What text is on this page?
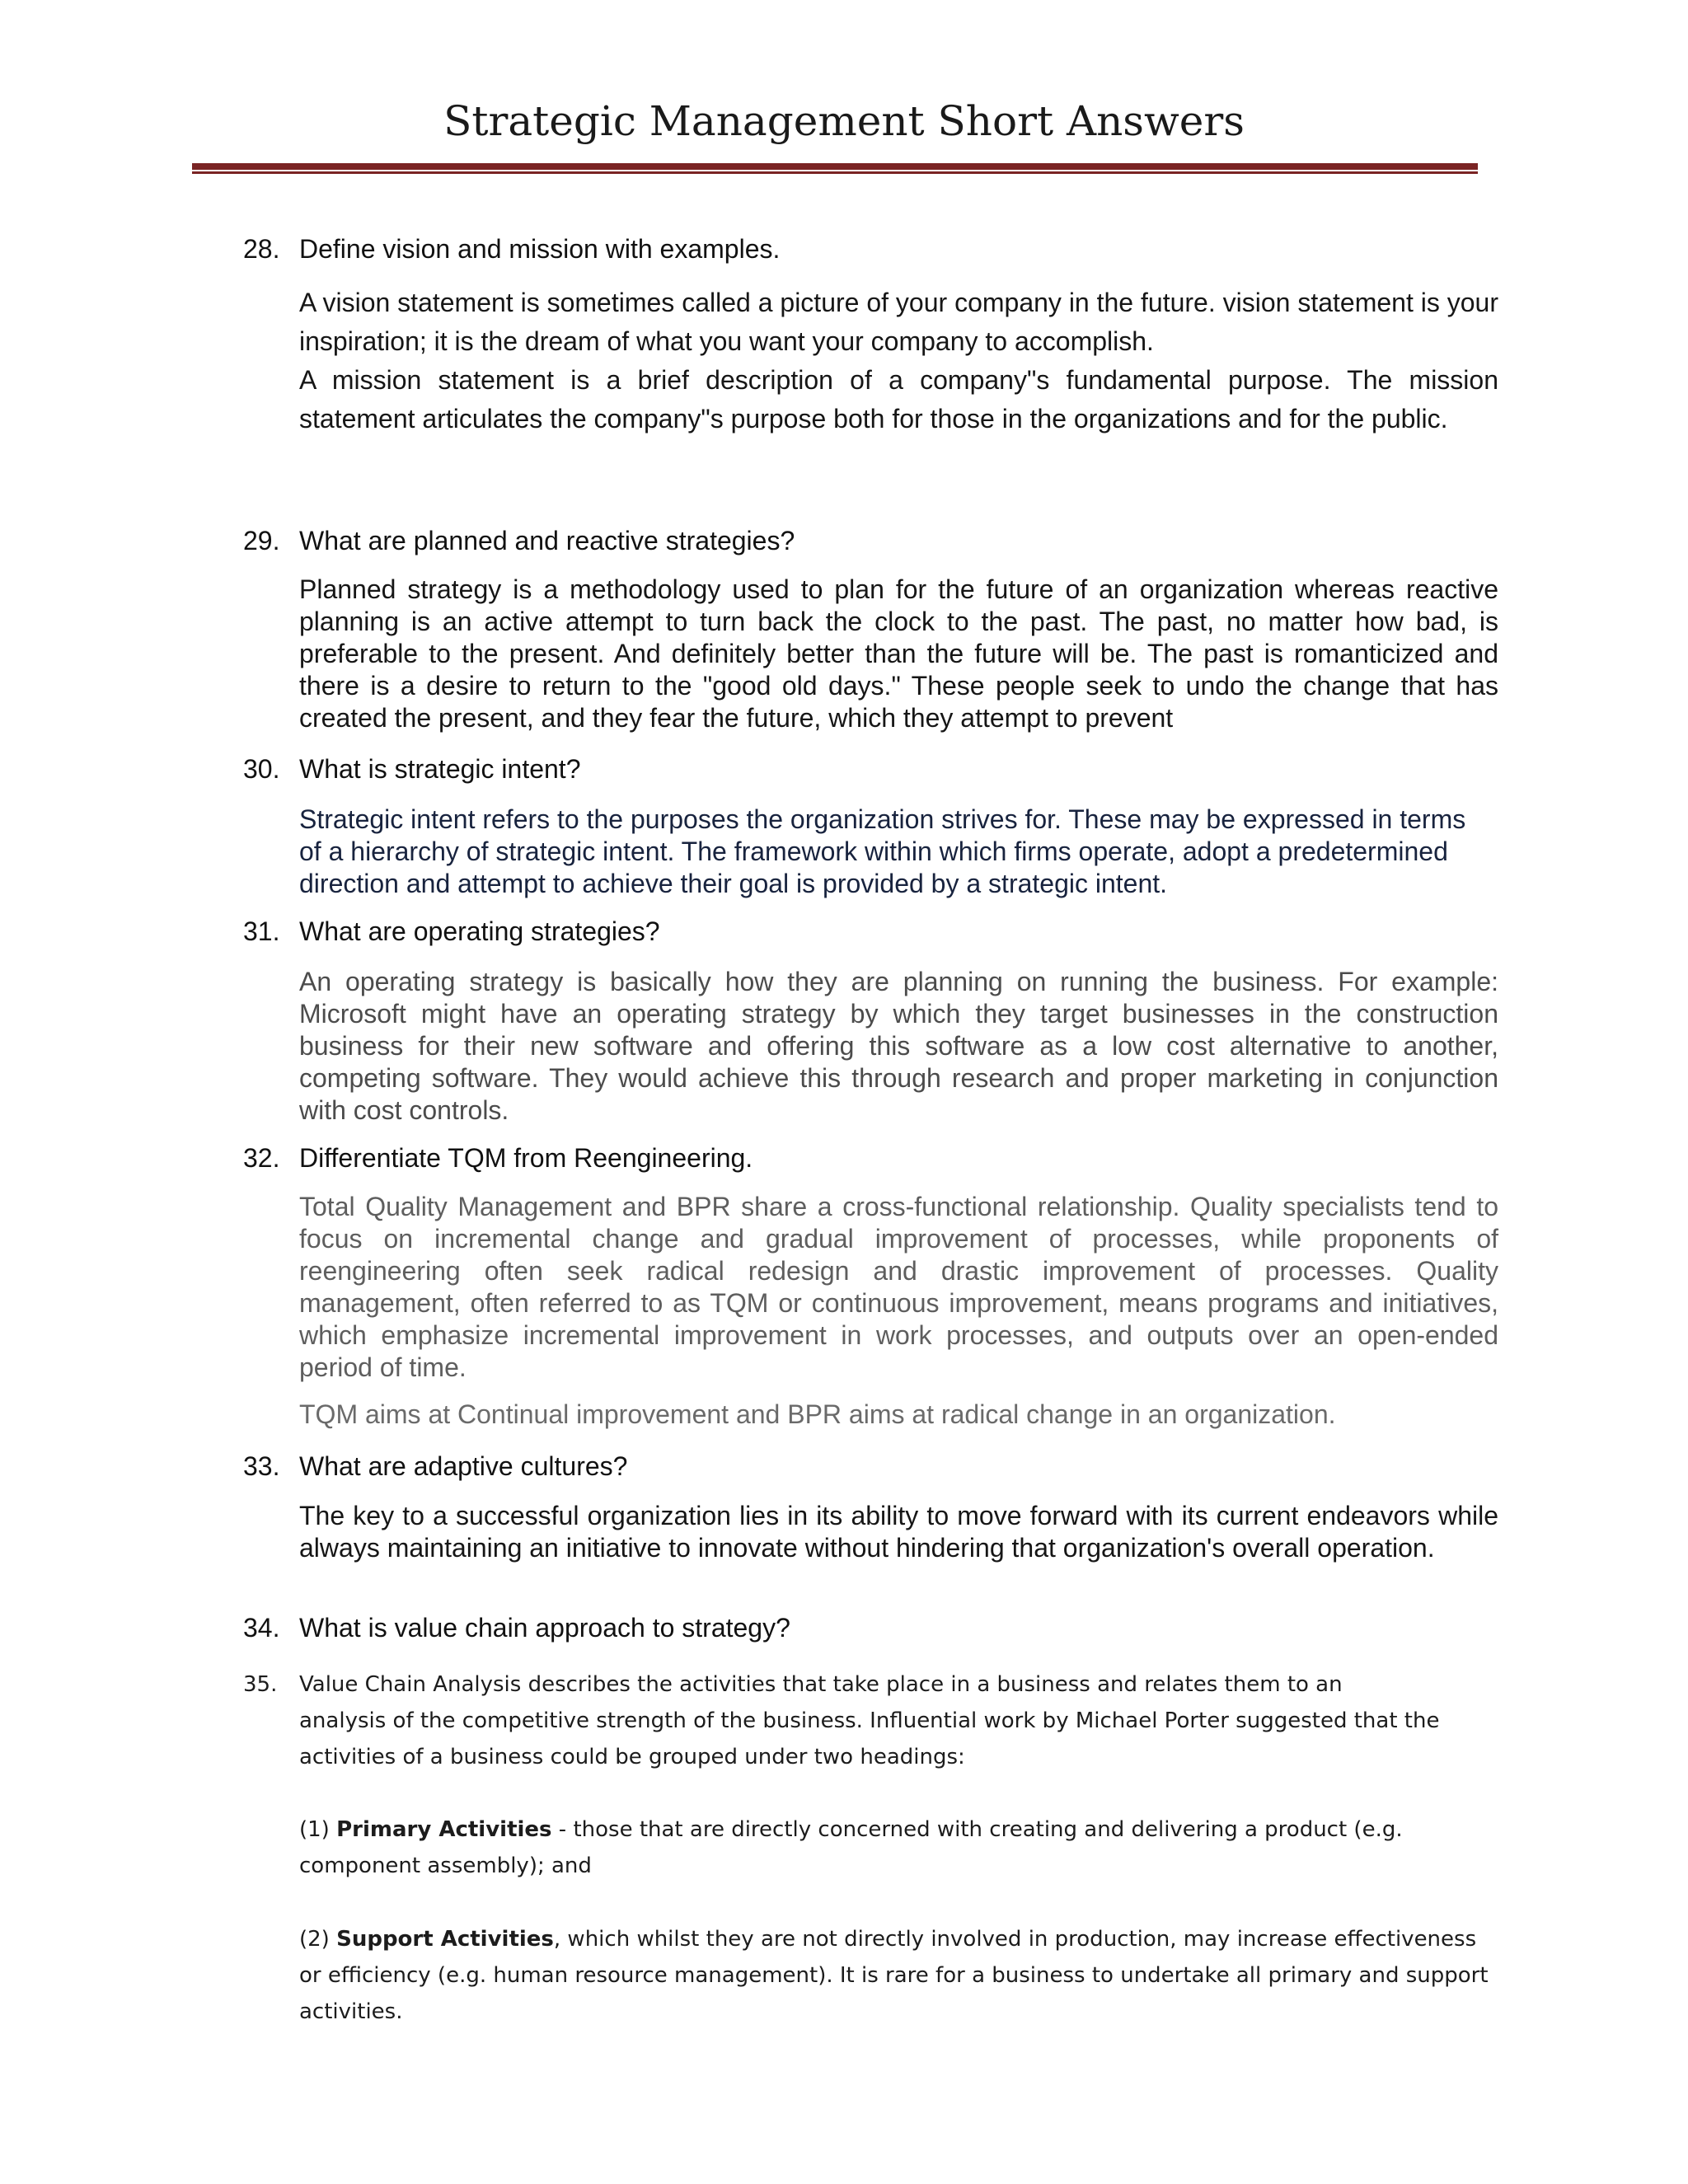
Strategic Management Short Answers
28. Define vision and mission with examples.

A vision statement is sometimes called a picture of your company in the future. vision statement is your inspiration; it is the dream of what you want your company to accomplish.

A mission statement is a brief description of a company"s fundamental purpose. The mission statement articulates the company"s purpose both for those in the organizations and for the public.

29. What are planned and reactive strategies?

Planned strategy is a methodology used to plan for the future of an organization whereas reactive planning is an active attempt to turn back the clock to the past. The past, no matter how bad, is preferable to the present. And definitely better than the future will be. The past is romanticized and there is a desire to return to the "good old days." These people seek to undo the change that has created the present, and they fear the future, which they attempt to prevent

30. What is strategic intent?

Strategic intent refers to the purposes the organization strives for. These may be expressed in terms of a hierarchy of strategic intent. The framework within which firms operate, adopt a predetermined direction and attempt to achieve their goal is provided by a strategic intent.

31. What are operating strategies?

An operating strategy is basically how they are planning on running the business. For example: Microsoft might have an operating strategy by which they target businesses in the construction business for their new software and offering this software as a low cost alternative to another, competing software. They would achieve this through research and proper marketing in conjunction with cost controls.

32. Differentiate TQM from Reengineering.

Total Quality Management and BPR share a cross-functional relationship. Quality specialists tend to focus on incremental change and gradual improvement of processes, while proponents of reengineering often seek radical redesign and drastic improvement of processes. Quality management, often referred to as TQM or continuous improvement, means programs and initiatives, which emphasize incremental improvement in work processes, and outputs over an open-ended period of time.

TQM aims at Continual improvement and BPR aims at radical change in an organization.

33. What are adaptive cultures?

The key to a successful organization lies in its ability to move forward with its current endeavors while always maintaining an initiative to innovate without hindering that organization's overall operation.

34. What is value chain approach to strategy?
35.	Value Chain Analysis describes the activities that take place in a business and relates them to an

analysis of the competitive strength of the business. Influential work by Michael Porter suggested that the activities of a business could be grouped under two headings:

(1) Primary Activities - those that are directly concerned with creating and delivering a product (e.g. component assembly); and

(2) Support Activities, which whilst they are not directly involved in production, may increase effectiveness or efficiency (e.g. human resource management). It is rare for a business to undertake all primary and support activities.
